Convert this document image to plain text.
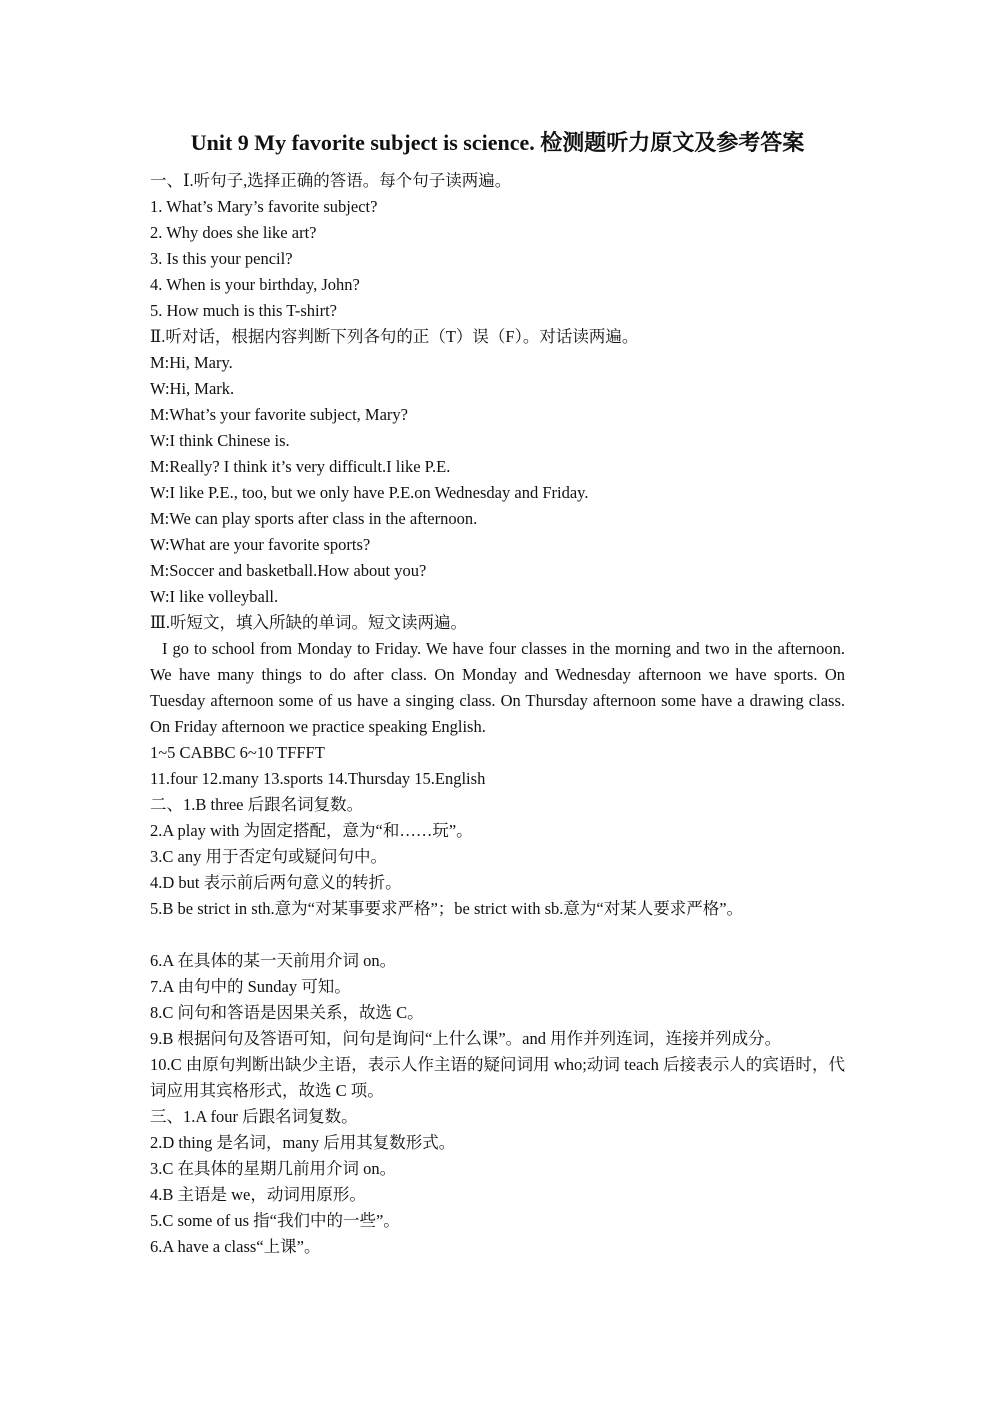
Unit 9 My favorite subject is science. 检测题听力原文及参考答案

一、Ⅰ.听句子,选择正确的答语。每个句子读两遍。

1. What’s Mary’s favorite subject?

2. Why does she like art?

3. Is this your pencil?

4. When is your birthday, John?

5. How much is this T-shirt?

Ⅱ.听对话，根据内容判断下列各句的正（T）误（F）。对话读两遍。

M:Hi, Mary.

W:Hi, Mark.

M:What’s your favorite subject, Mary?

W:I think Chinese is.

M:Really? I think it’s very difficult.I like P.E.

W:I like P.E., too, but we only have P.E.on Wednesday and Friday.

M:We can play sports after class in the afternoon.

W:What are your favorite sports?

M:Soccer and basketball.How about you?

W:I like volleyball.

Ⅲ.听短文，填入所缺的单词。短文读两遍。

I go to school from Monday to Friday. We have four classes in the morning and two in the afternoon. We have many things to do after class. On Monday and Wednesday afternoon we have sports. On Tuesday afternoon some of us have a singing class. On Thursday afternoon some have a drawing class. On Friday afternoon we practice speaking English.

1~5 CABBC 6~10 TFFFT

11.four 12.many 13.sports 14.Thursday 15.English

二、1.B three 后跟名词复数。

2.A play with 为固定搭配，意为“和……玩”。

3.C any 用于否定句或疑问句中。

4.D but 表示前后两句意义的转折。

5.B be strict in sth.意为“对某事要求严格”；be strict with sb.意为“对某人要求严格”。

6.A 在具体的某一天前用介词 on。

7.A 由句中的 Sunday 可知。

8.C 问句和答语是因果关系，故选 C。

9.B 根据问句及答语可知，问句是询问“上什么课”。and 用作并列连词，连接并列成分。

10.C 由原句判断出缺少主语，表示人作主语的疑问词用 who;动词 teach 后接表示人的宾语时，代词应用其宾格形式，故选 C 项。

三、1.A four 后跟名词复数。

2.D thing 是名词，many 后用其复数形式。

3.C 在具体的星期几前用介词 on。

4.B 主语是 we，动词用原形。

5.C some of us 指“我们中的一些”。

6.A have a class“上课”。
